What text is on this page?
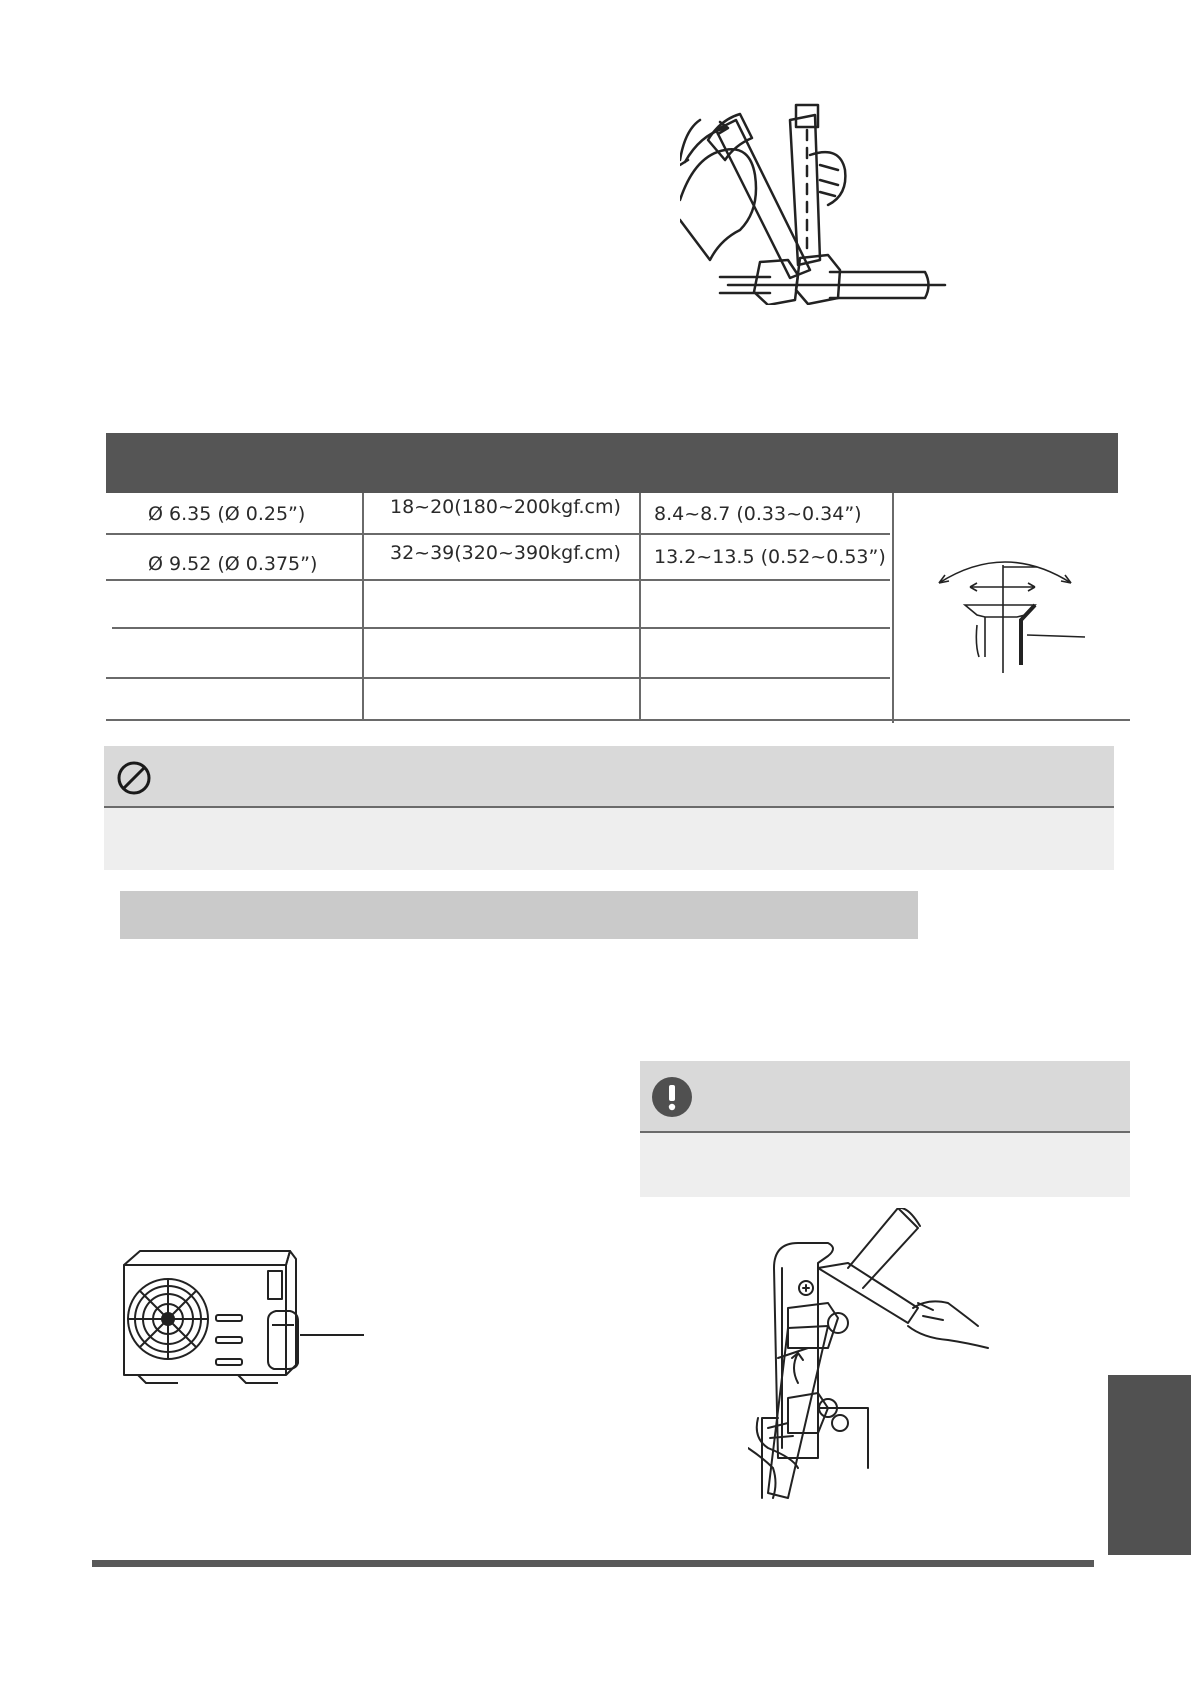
Ø 6.35 (Ø 0.25”)	18~20(180~200kgf.cm) 8.4~8.7 (0.33~0.34”)
Ø 9.52 (Ø 0.375”)	32~39(320~390kgf.cm) 13.2~13.5 (0.52~0.53”)
